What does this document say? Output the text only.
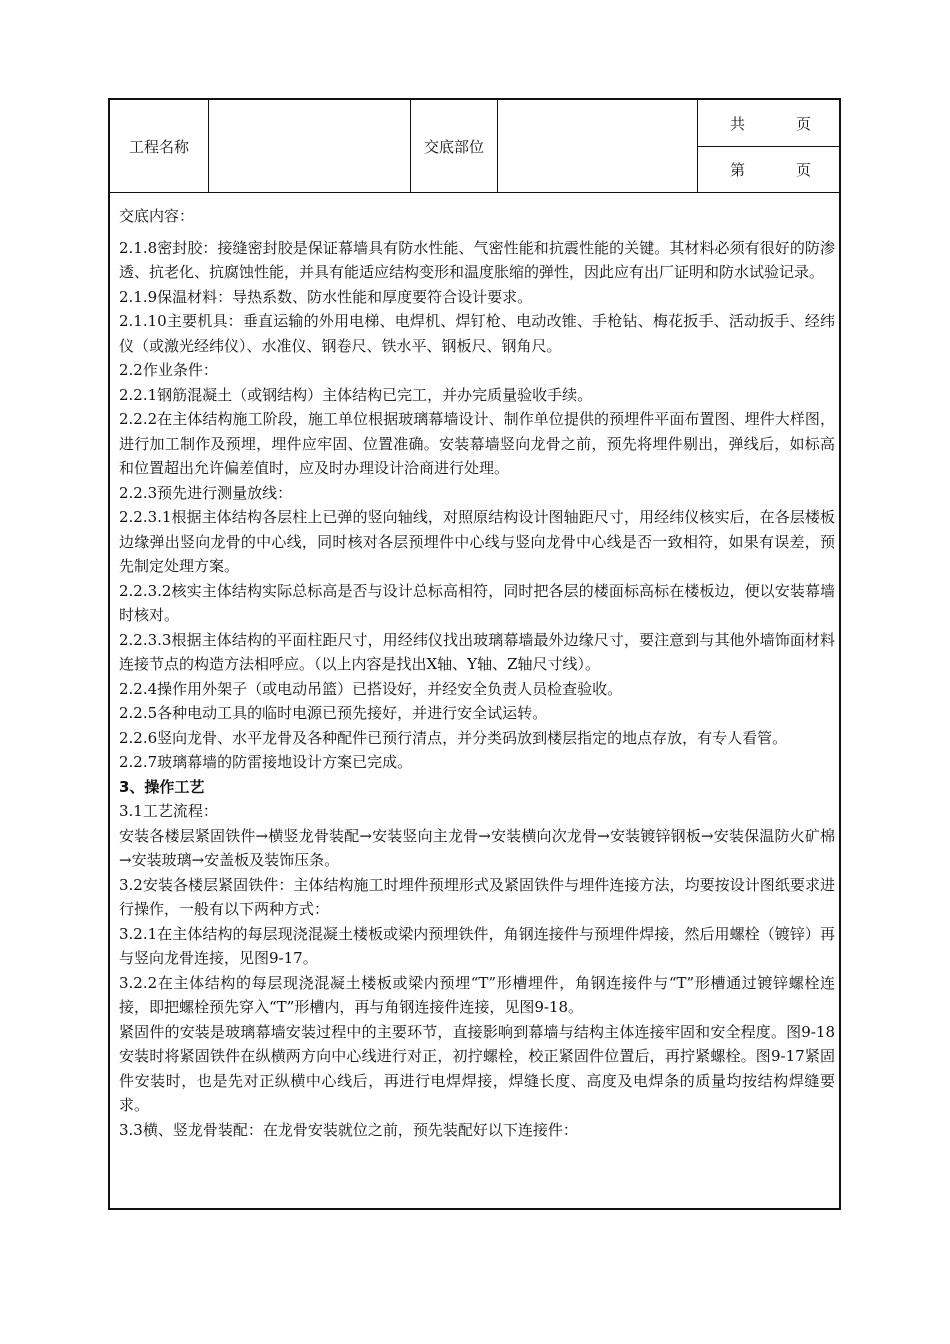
工程名称	交底部位
共	页
第	页

交底内容：

2.1.8密封胶：接缝密封胶是保证幕墙具有防水性能、气密性能和抗震性能的关键。其材料必须有很好的防渗透、抗老化、抗腐蚀性能，并具有能适应结构变形和温度胀缩的弹性，因此应有出厂证明和防水试验记录。

2.1.9保温材料：导热系数、防水性能和厚度要符合设计要求。

2.1.10主要机具：垂直运输的外用电梯、电焊机、焊钉枪、电动改锥、手枪钻、梅花扳手、活动扳手、经纬仪（或激光经纬仪）、水准仪、钢卷尺、铁水平、钢板尺、钢角尺。

2.2作业条件：

2.2.1钢筋混凝土（或钢结构）主体结构已完工，并办完质量验收手续。

2.2.2在主体结构施工阶段，施工单位根据玻璃幕墙设计、制作单位提供的预埋件平面布置图、埋件大样图，进行加工制作及预埋，埋件应牢固、位置准确。安装幕墙竖向龙骨之前，预先将埋件剔出，弹线后，如标高和位置超出允许偏差值时，应及时办理设计洽商进行处理。

2.2.3预先进行测量放线：

2.2.3.1根据主体结构各层柱上已弹的竖向轴线，对照原结构设计图轴距尺寸，用经纬仪核实后，在各层楼板边缘弹出竖向龙骨的中心线，同时核对各层预埋件中心线与竖向龙骨中心线是否一致相符，如果有误差，预先制定处理方案。

2.2.3.2核实主体结构实际总标高是否与设计总标高相符，同时把各层的楼面标高标在楼板边，便以安装幕墙时核对。

2.2.3.3根据主体结构的平面柱距尺寸，用经纬仪找出玻璃幕墙最外边缘尺寸，要注意到与其他外墙饰面材料连接节点的构造方法相呼应。（以上内容是找出X轴、Y轴、Z轴尺寸线）。

2.2.4操作用外架子（或电动吊篮）已搭设好，并经安全负责人员检查验收。

2.2.5各种电动工具的临时电源已预先接好，并进行安全试运转。

2.2.6竖向龙骨、水平龙骨及各种配件已预行清点，并分类码放到楼层指定的地点存放，有专人看管。

2.2.7玻璃幕墙的防雷接地设计方案已完成。

3、操作工艺

3.1工艺流程：

安装各楼层紧固铁件→横竖龙骨装配→安装竖向主龙骨→安装横向次龙骨→安装镀锌钢板→安装保温防火矿棉→安装玻璃→安盖板及装饰压条。

3.2安装各楼层紧固铁件：主体结构施工时埋件预埋形式及紧固铁件与埋件连接方法，均要按设计图纸要求进行操作，一般有以下两种方式：

3.2.1在主体结构的每层现浇混凝土楼板或梁内预埋铁件，角钢连接件与预埋件焊接，然后用螺栓（镀锌）再与竖向龙骨连接，见图9-17。

3.2.2在主体结构的每层现浇混凝土楼板或梁内预埋“T”形槽埋件，角钢连接件与“T”形槽通过镀锌螺栓连接，即把螺栓预先穿入“T”形槽内，再与角钢连接件连接，见图9-18。

紧固件的安装是玻璃幕墙安装过程中的主要环节，直接影响到幕墙与结构主体连接牢固和安全程度。图9-18安装时将紧固铁件在纵横两方向中心线进行对正，初拧螺栓，校正紧固件位置后，再拧紧螺栓。图9-17紧固件安装时，也是先对正纵横中心线后，再进行电焊焊接，焊缝长度、高度及电焊条的质量均按结构焊缝要求。

3.3横、竖龙骨装配：在龙骨安装就位之前，预先装配好以下连接件：
